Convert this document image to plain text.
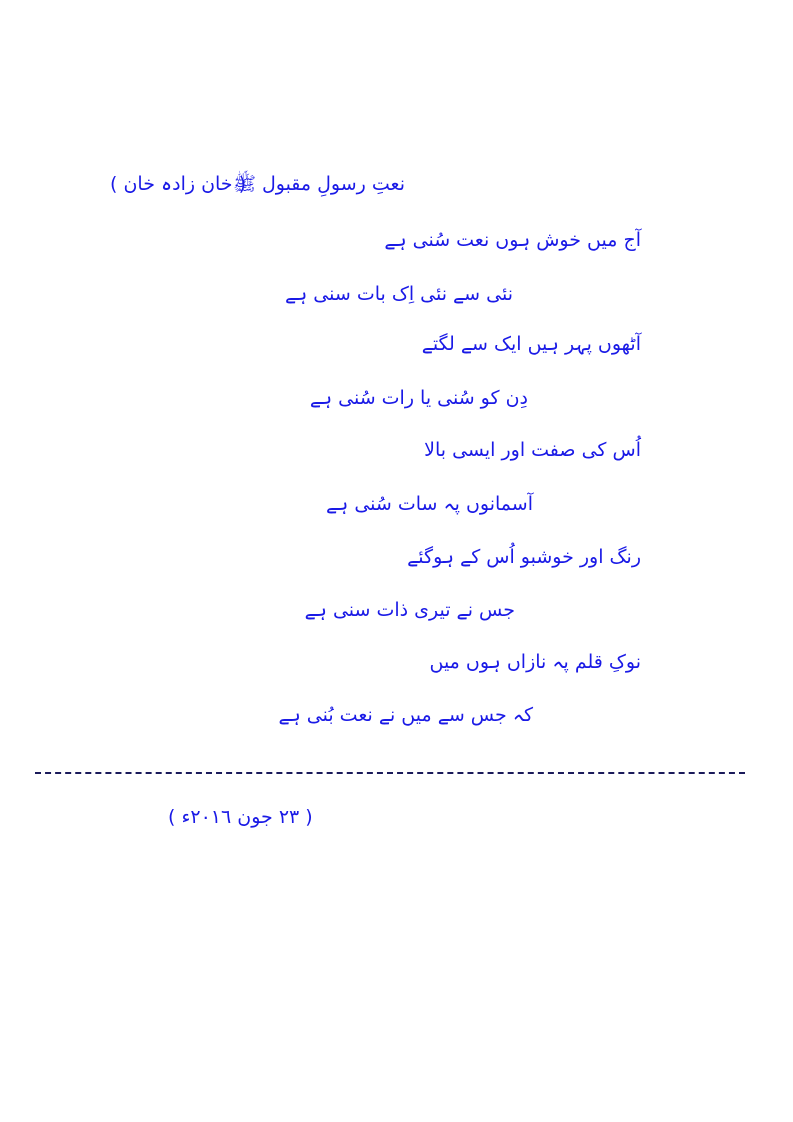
نعتِ رسولِ مقبول ﷺ
( خان زادہ خان )
آج میں خوش ہوں نعت سُنی ہے
نئی سے نئی اِک بات سنی ہے
آٹھوں پہر ہیں ایک سے لگتے
دِن کو سُنی یا رات سُنی ہے
اُس کی صفت اور ایسی بالا
آسمانوں پہ سات سُنی ہے
رنگ اور خوشبو اُس کے ہوگئے
جس نے تیری ذات سنی ہے
نوکِ قلم پہ نازاں ہوں میں
کہ جس سے میں نے نعت بُنی ہے
( ۲۳ جون ۲۰۱٦ء )
